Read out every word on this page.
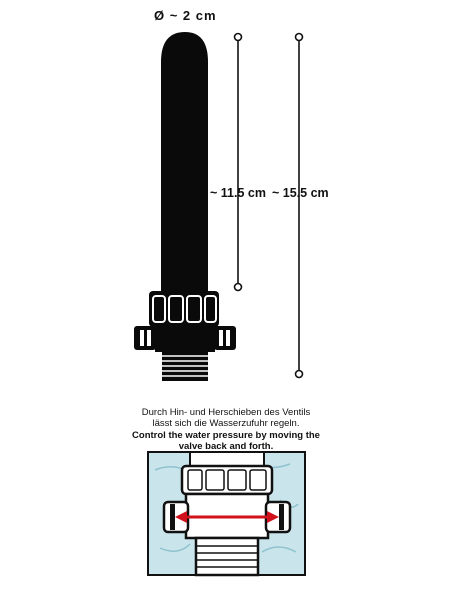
Ø ~ 2 cm
~ 11.5 cm ~ 15.5 cm
Durch Hin- und Herschieben des Ventils
lässt sich die Wasserzufuhr regeln.
Control the water pressure by moving the
valve back and forth.
